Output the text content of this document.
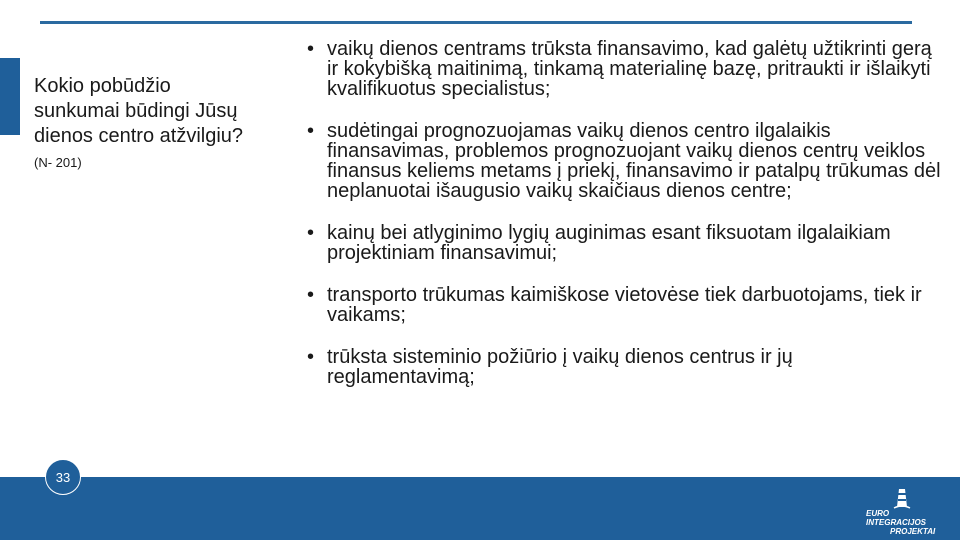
Kokio pobūdžio sunkumai būdingi Jūsų dienos centro atžvilgiu? (N- 201)
• vaikų dienos centrams trūksta finansavimo, kad galėtų užtikrinti gerą ir kokybišką maitinimą, tinkamą materialinę bazę, pritraukti ir išlaikyti kvalifikuotus specialistus;
• sudėtingai prognozuojamas vaikų dienos centro ilgalaikis finansavimas, problemos prognozuojant vaikų dienos centrų veiklos finansus keliems metams į priekį, finansavimo ir patalpų trūkumas dėl neplanuotai išaugusio vaikų skaičiaus dienos centre;
• kainų bei atlyginimo lygių auginimas esant fiksuotam ilgalaikiam projektiniam finansavimui;
• transporto trūkumas kaimiškose vietovėse tiek darbuotojams, tiek ir vaikams;
• trūksta sisteminio požiūrio į vaikų dienos centrus ir jų reglamentavimą;
33
EURO INTEGRACIJOS
PROJEKTAI
